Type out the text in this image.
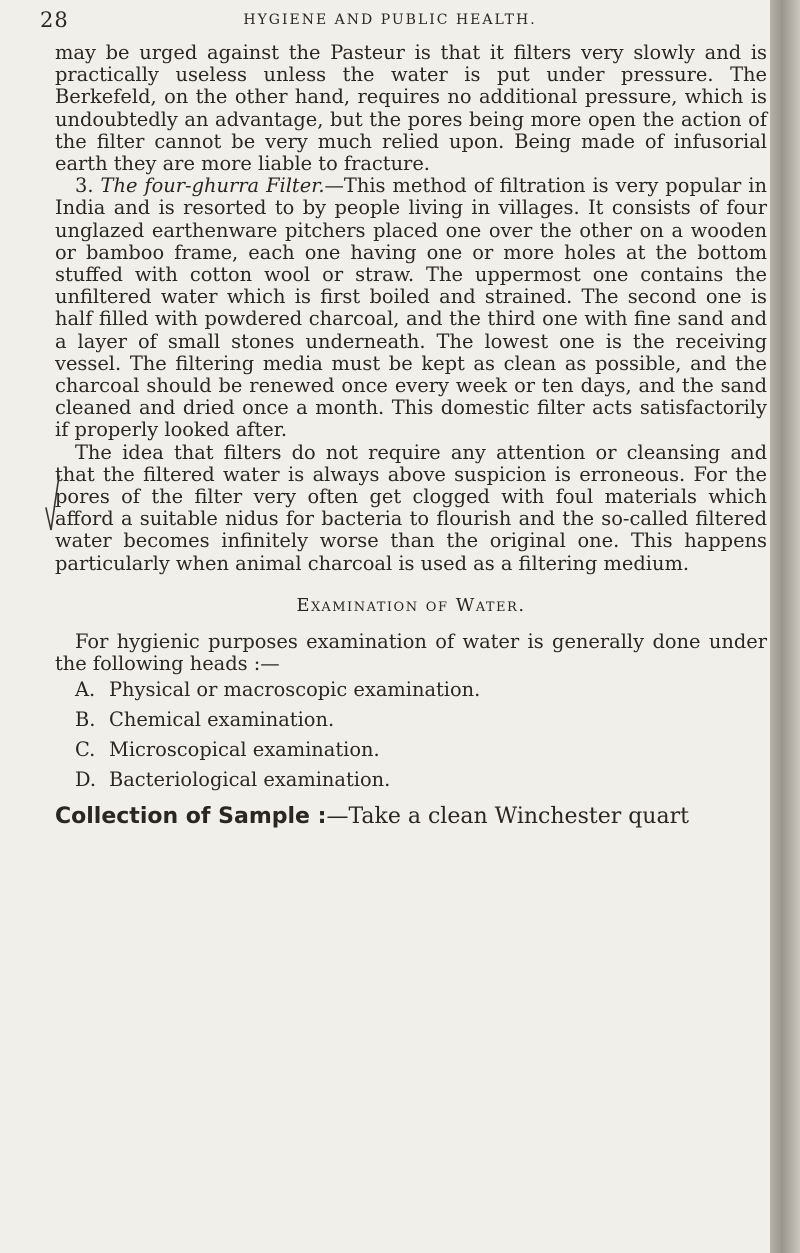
28	HYGIENE AND PUBLIC HEALTH.

may be urged against the Pasteur is that it filters very slowly and is practically useless unless the water is put under pressure. The Berkefeld, on the other hand, requires no additional pressure, which is undoubtedly an advantage, but the pores being more open the action of the filter cannot be very much relied upon. Being made of infusorial earth they are more liable to fracture.

3. The four-ghurra Filter.—This method of filtration is very popular in India and is resorted to by people living in villages. It consists of four unglazed earthenware pitchers placed one over the other on a wooden or bamboo frame, each one having one or more holes at the bottom stuffed with cotton wool or straw. The uppermost one contains the unfiltered water which is first boiled and strained. The second one is half filled with powdered charcoal, and the third one with fine sand and a layer of small stones underneath. The lowest one is the receiving vessel. The filtering media must be kept as clean as possible, and the charcoal should be renewed once every week or ten days, and the sand cleaned and dried once a month. This domestic filter acts satisfactorily if properly looked after.

The idea that filters do not require any attention or cleansing and that the filtered water is always above suspicion is erroneous. For the pores of the filter very often get clogged with foul materials which afford a suitable nidus for bacteria to flourish and the so-called filtered water becomes infinitely worse than the original one. This happens particularly when animal charcoal is used as a filtering medium.

Examination of Water.

For hygienic purposes examination of water is generally done under the following heads :—

A. Physical or macroscopic examination.
B. Chemical examination.
C. Microscopical examination.
D. Bacteriological examination.
Collection of Sample :—Take a clean Winchester quart
